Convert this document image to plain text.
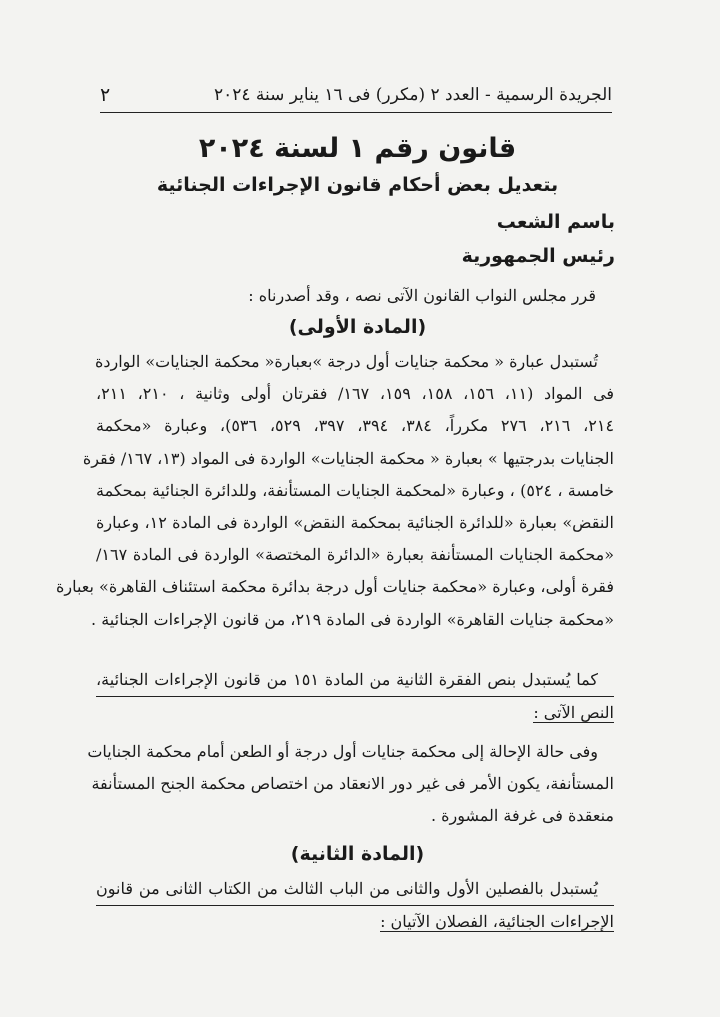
الجريدة الرسمية - العدد ٢ (مكرر) فى ١٦ يناير سنة ٢٠٢٤
٢
قانون رقم ١ لسنة ٢٠٢٤
بتعديل بعض أحكام قانون الإجراءات الجنائية
باسم الشعب
رئيس الجمهورية
قرر مجلس النواب القانون الآتى نصه ، وقد أصدرناه :
(المادة الأولى)
تُستبدل عبارة « محكمة جنايات أول درجة »بعبارة« محكمة الجنايات» الواردة
فى المواد (١١، ١٥٦، ١٥٨، ١٥٩، ١٦٧/ فقرتان أولى وثانية ، ٢١٠، ٢١١،
٢١٤، ٢١٦، ٢٧٦ مكرراً، ٣٨٤، ٣٩٤، ٣٩٧، ٥٢٩، ٥٣٦)، وعبارة «محكمة
الجنايات بدرجتيها » بعبارة « محكمة الجنايات» الواردة فى المواد (١٣، ١٦٧/ فقرة
خامسة ، ٥٢٤) ، وعبارة «لمحكمة الجنايات المستأنفة، وللدائرة الجنائية بمحكمة
النقض» بعبارة «للدائرة الجنائية بمحكمة النقض» الواردة فى المادة ١٢، وعبارة
«محكمة الجنايات المستأنفة بعبارة «الدائرة المختصة» الواردة فى المادة ١٦٧/
فقرة أولى، وعبارة «محكمة جنايات أول درجة بدائرة محكمة استئناف القاهرة» بعبارة
«محكمة جنايات القاهرة» الواردة فى المادة ٢١٩، من قانون الإجراءات الجنائية .
كما يُستبدل بنص الفقرة الثانية من المادة ١٥١ من قانون الإجراءات الجنائية،
النص الآتى :
وفى حالة الإحالة إلى محكمة جنايات أول درجة أو الطعن أمام محكمة الجنايات
المستأنفة، يكون الأمر فى غير دور الانعقاد من اختصاص محكمة الجنح المستأنفة
منعقدة فى غرفة المشورة .
(المادة الثانية)
يُستبدل بالفصلين الأول والثانى من الباب الثالث من الكتاب الثانى من قانون
الإجراءات الجنائية، الفصلان الآتيان :
